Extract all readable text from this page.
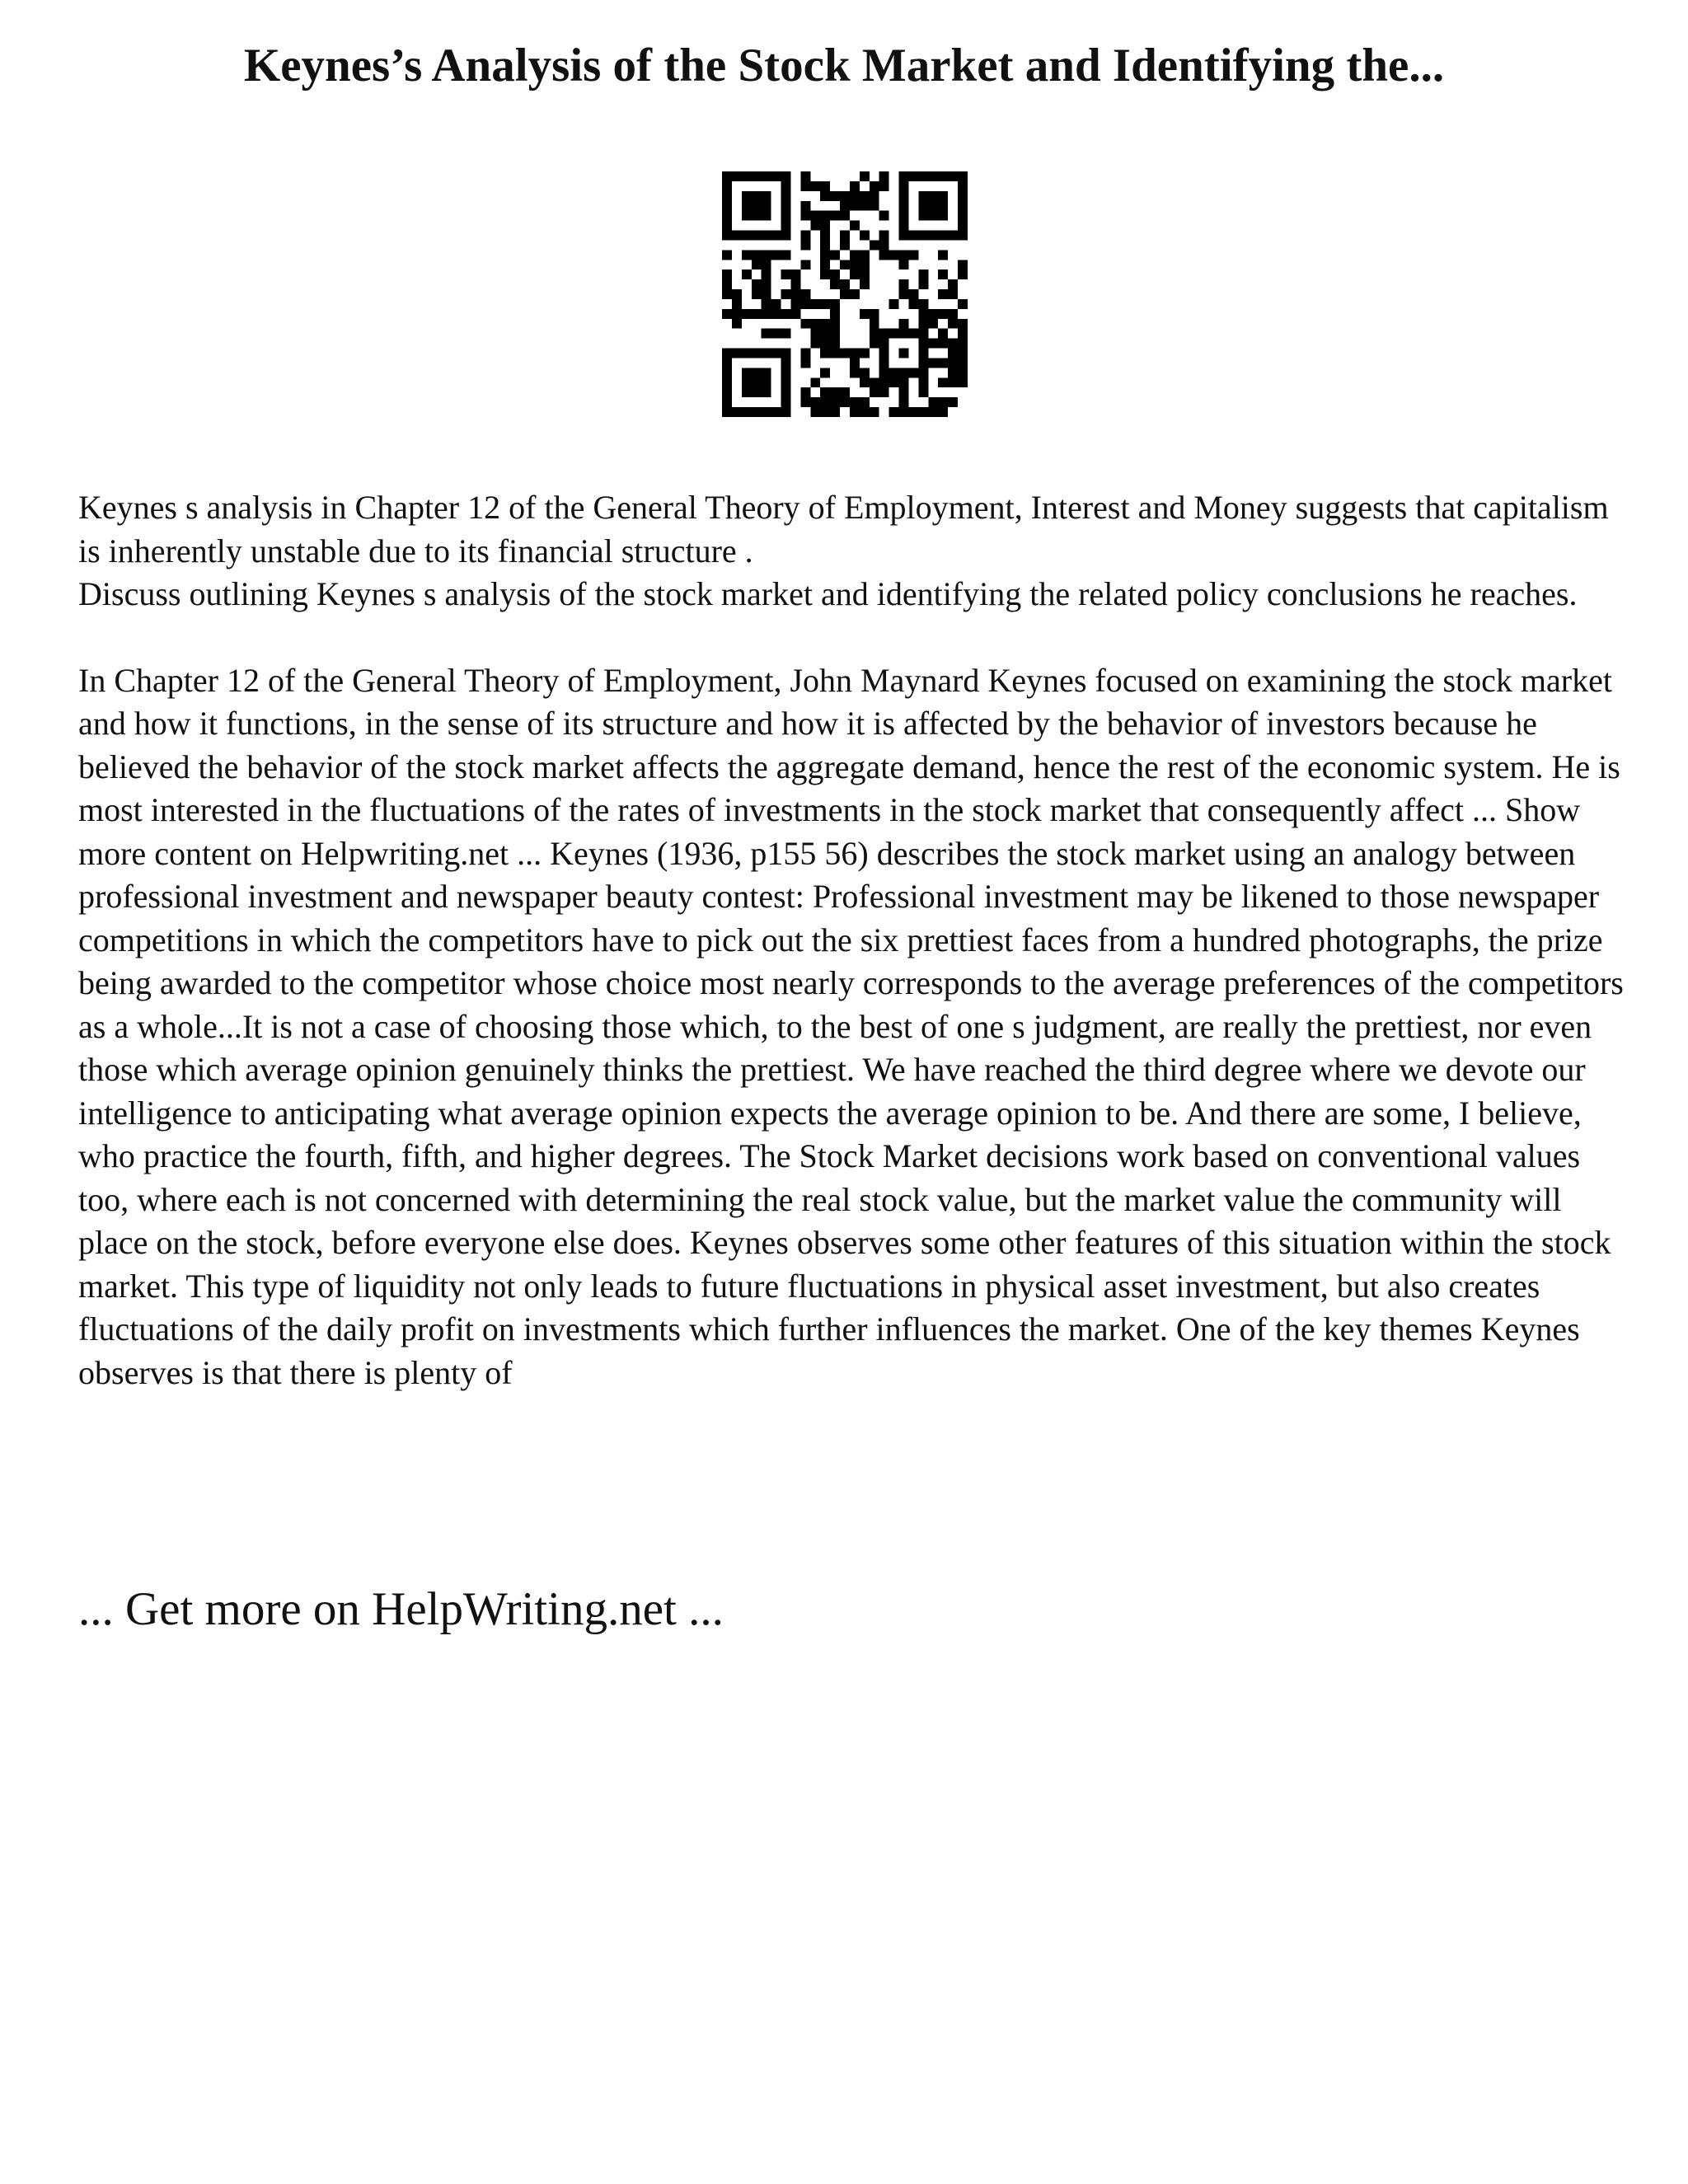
Keynes’s Analysis of the Stock Market and Identifying the...

Keynes s analysis in Chapter 12 of the General Theory of Employment, Interest and Money suggests that capitalism is inherently unstable due to its financial structure .

Discuss outlining Keynes s analysis of the stock market and identifying the related policy conclusions he reaches.

In Chapter 12 of the General Theory of Employment, John Maynard Keynes focused on examining the stock market and how it functions, in the sense of its structure and how it is affected by the behavior of investors because he believed the behavior of the stock market affects the aggregate demand, hence the rest of the economic system. He is most interested in the fluctuations of the rates of investments in the stock market that consequently affect ... Show more content on Helpwriting.net ... Keynes (1936, p155 56) describes the stock market using an analogy between professional investment and newspaper beauty contest: Professional investment may be likened to those newspaper competitions in which the competitors have to pick out the six prettiest faces from a hundred photographs, the prize being awarded to the competitor whose choice most nearly corresponds to the average preferences of the competitors as a whole...It is not a case of choosing those which, to the best of one s judgment, are really the prettiest, nor even those which average opinion genuinely thinks the prettiest. We have reached the third degree where we devote our intelligence to anticipating what average opinion expects the average opinion to be. And there are some, I believe, who practice the fourth, fifth, and higher degrees. The Stock Market decisions work based on conventional values too, where each is not concerned with determining the real stock value, but the market value the community will place on the stock, before everyone else does. Keynes observes some other features of this situation within the stock market. This type of liquidity not only leads to future fluctuations in physical asset investment, but also creates fluctuations of the daily profit on investments which further influences the market. One of the key themes Keynes observes is that there is plenty of

... Get more on HelpWriting.net ...
